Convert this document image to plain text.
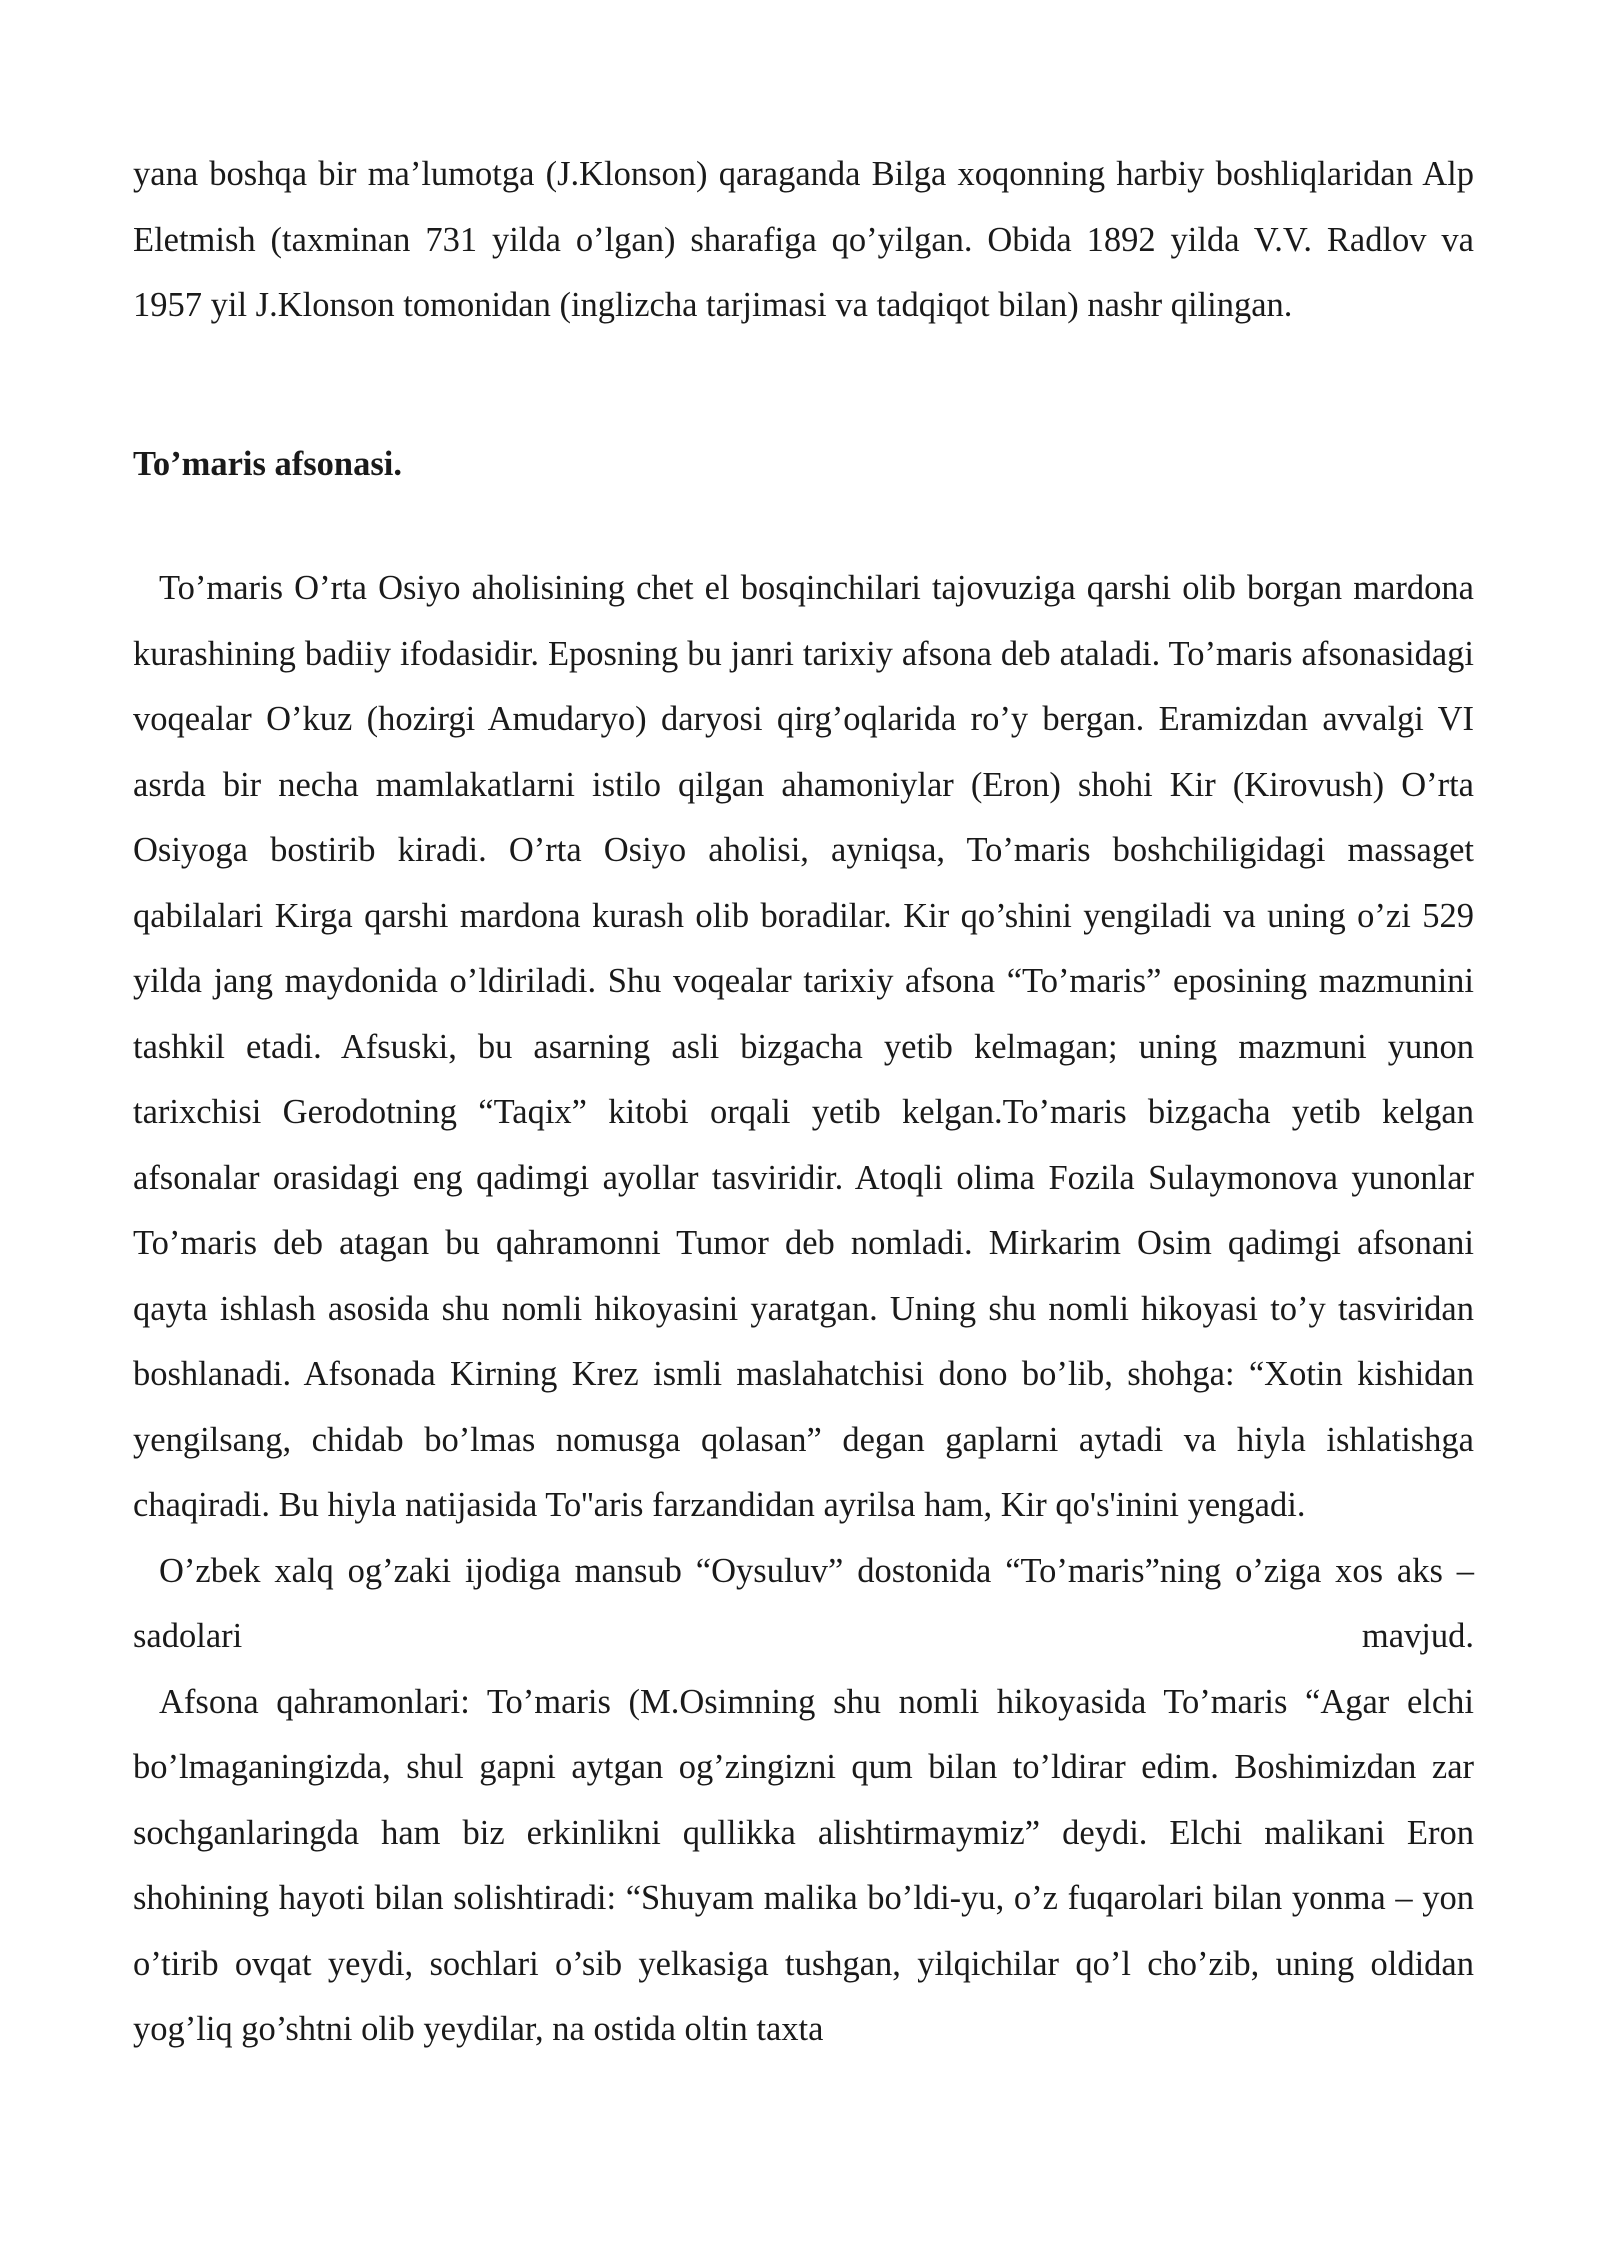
yana boshqa bir ma’lumotga (J.Klonson) qaraganda Bilga xoqonning harbiy boshliqlaridan Alp Eletmish (taxminan 731 yilda o’lgan) sharafiga qo’yilgan. Obida 1892 yilda V.V. Radlov va 1957 yil J.Klonson tomonidan (inglizcha tarjimasi va tadqiqot bilan) nashr qilingan.

To’maris afsonasi.

To’maris O’rta Osiyo aholisining chet el bosqinchilari tajovuziga qarshi olib borgan mardona kurashining badiiy ifodasidir. Eposning bu janri tarixiy afsona deb ataladi. To’maris afsonasidagi voqealar O’kuz (hozirgi Amudaryo) daryosi qirg’oqlarida ro’y bergan. Eramizdan avvalgi VI asrda bir necha mamlakatlarni istilo qilgan ahamoniylar (Eron) shohi Kir (Kirovush) O’rta Osiyoga bostirib kiradi. O’rta Osiyo aholisi, ayniqsa, To’maris boshchiligidagi massaget qabilalari Kirga qarshi mardona kurash olib boradilar. Kir qo’shini yengiladi va uning o’zi 529 yilda jang maydonida o’ldiriladi. Shu voqealar tarixiy afsona “To’maris” eposining mazmunini tashkil etadi. Afsuski, bu asarning asli bizgacha yetib kelmagan; uning mazmuni yunon tarixchisi Gerodotning “Taqix” kitobi orqali yetib kelgan.To’maris bizgacha yetib kelgan afsonalar orasidagi eng qadimgi ayollar tasviridir. Atoqli olima Fozila Sulaymonova yunonlar To’maris deb atagan bu qahramonni Tumor deb nomladi. Mirkarim Osim qadimgi afsonani qayta ishlash asosida shu nomli hikoyasini yaratgan. Uning shu nomli hikoyasi to’y tasviridan boshlanadi. Afsonada Kirning Krez ismli maslahatchisi dono bo’lib, shohga: “Xotin kishidan yengilsang, chidab bo’lmas nomusga qolasan” degan gaplarni aytadi va hiyla ishlatishga chaqiradi. Bu hiyla natijasida To''aris farzandidan ayrilsa ham, Kir qo's'inini yengadi.

O’zbek xalq og’zaki ijodiga mansub “Oysuluv” dostonida “To’maris”ning o’ziga xos aks – sadolari mavjud.

Afsona qahramonlari: To’maris (M.Osimning shu nomli hikoyasida To’maris “Agar elchi bo’lmaganingizda, shul gapni aytgan og’zingizni qum bilan to’ldirar edim. Boshimizdan zar sochganlaringda ham biz erkinlikni qullikka alishtirmaymiz” deydi. Elchi malikani Eron shohining hayoti bilan solishtiradi: “Shuyam malika bo’ldi-yu, o’z fuqarolari bilan yonma – yon o’tirib ovqat yeydi, sochlari o’sib yelkasiga tushgan, yilqichilar qo’l cho’zib, uning oldidan yog’liq go’shtni olib yeydilar, na ostida oltin taxta
